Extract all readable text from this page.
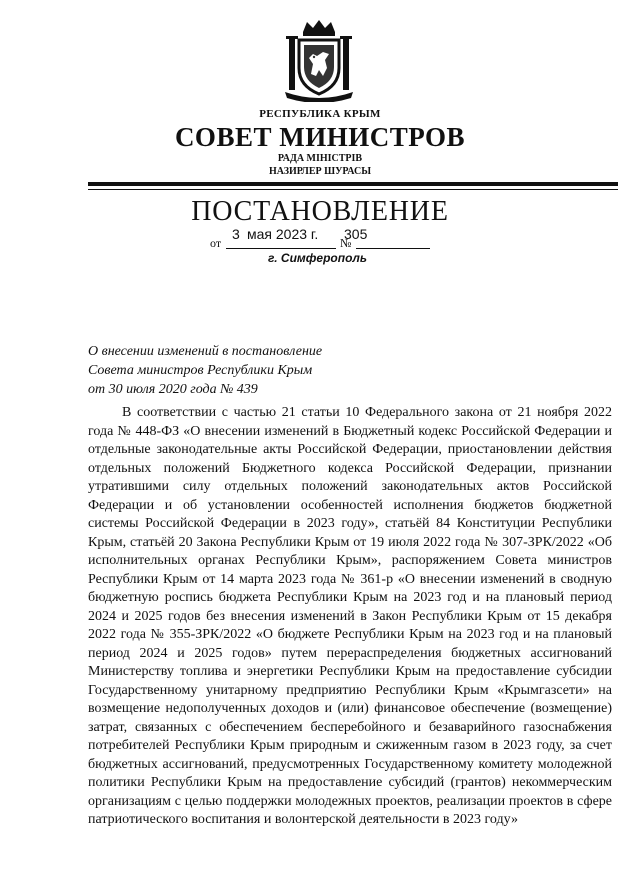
РЕСПУБЛИКА КРЫМ
СОВЕТ МИНИСТРОВ
РАДА МІНІСТРІВ
НАЗИРЛЕР ШУРАСЫ
ПОСТАНОВЛЕНИЕ
3 мая 2023 г. 305
от	№
г. Симферополь
О внесении изменений в постановление
Совета министров Республики Крым
от 30 июля 2020 года № 439

В соответствии с частью 21 статьи 10 Федерального закона от 21 ноября 2022 года № 448-ФЗ «О внесении изменений в Бюджетный кодекс Российской Федерации и отдельные законодательные акты Российской Федерации, приостановлении действия отдельных положений Бюджетного кодекса Российской Федерации, признании утратившими силу отдельных положений законодательных актов Российской Федерации и об установлении особенностей исполнения бюджетов бюджетной системы Российской Федерации в 2023 году», статьёй 84 Конституции Республики Крым, статьёй 20 Закона Республики Крым от 19 июля 2022 года № 307-ЗРК/2022 «Об исполнительных органах Республики Крым», распоряжением Совета министров Республики Крым от 14 марта 2023 года № 361-р «О внесении изменений в сводную бюджетную роспись бюджета Республики Крым на 2023 год и на плановый период 2024 и 2025 годов без внесения изменений в Закон Республики Крым от 15 декабря 2022 года № 355-ЗРК/2022 «О бюджете Республики Крым на 2023 год и на плановый период 2024 и 2025 годов» путем перераспределения бюджетных ассигнований Министерству топлива и энергетики Республики Крым на предоставление субсидии Государственному унитарному предприятию Республики Крым «Крымгазсети» на возмещение недополученных доходов и (или) финансовое обеспечение (возмещение) затрат, связанных с обеспечением бесперебойного и безаварийного газоснабжения потребителей Республики Крым природным и сжиженным газом в 2023 году, за счет бюджетных ассигнований, предусмотренных Государственному комитету молодежной политики Республики Крым на предоставление субсидий (грантов) некоммерческим организациям с целью поддержки молодежных проектов, реализации проектов в сфере патриотического воспитания и волонтерской деятельности в 2023 году»
